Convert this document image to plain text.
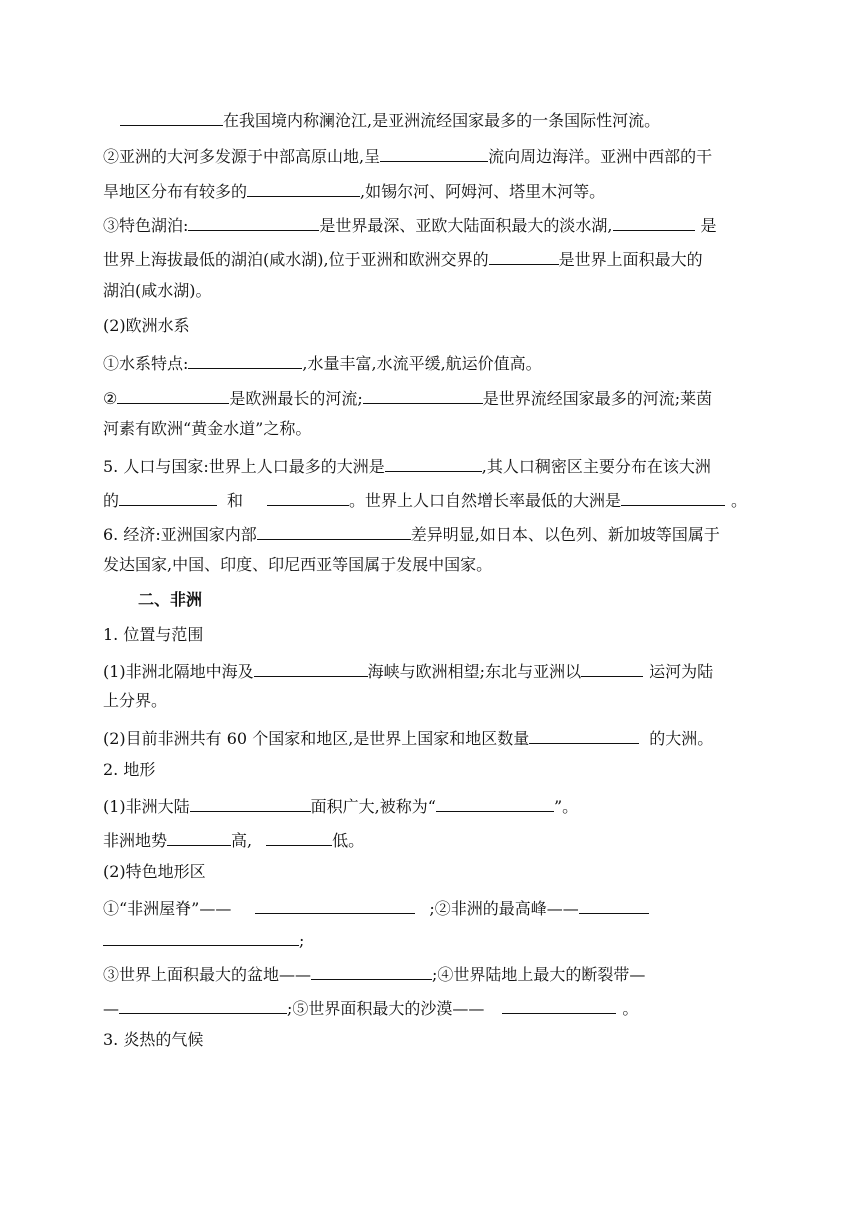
在我国境内称澜沧江,是亚洲流经国家最多的一条国际性河流。
②亚洲的大河多发源于中部高原山地,呈	流向周边海洋。亚洲中西部的干
旱地区分布有较多的	,如锡尔河、阿姆河、塔里木河等。
③特色湖泊:	是世界最深、亚欧大陆面积最大的淡水湖,	是
世界上海拔最低的湖泊(咸水湖),位于亚洲和欧洲交界的	是世界上面积最大的
湖泊(咸水湖)。
(2)欧洲水系
①水系特点:	,水量丰富,水流平缓,航运价值高。
②	是欧洲最长的河流;	是世界流经国家最多的河流;莱茵
河素有欧洲“黄金水道”之称。
5. 人口与国家:世界上人口最多的大洲是	,其人口稠密区主要分布在该大洲
的	和	。世界上人口自然增长率最低的大洲是	。
6. 经济:亚洲国家内部	差异明显,如日本、以色列、新加坡等国属于
发达国家,中国、印度、印尼西亚等国属于发展中国家。
二、非洲
1. 位置与范围
(1)非洲北隔地中海及	海峡与欧洲相望;东北与亚洲以	运河为陆
上分界。
(2)目前非洲共有 60 个国家和地区,是世界上国家和地区数量	的大洲。
2. 地形
(1)非洲大陆	面积广大,被称为“	”。
非洲地势	高,	低。
(2)特色地形区
①“非洲屋脊”——	;②非洲的最高峰——
;
③世界上面积最大的盆地——	;④世界陆地上最大的断裂带—
—	;⑤世界面积最大的沙漠——	。
3. 炎热的气候
